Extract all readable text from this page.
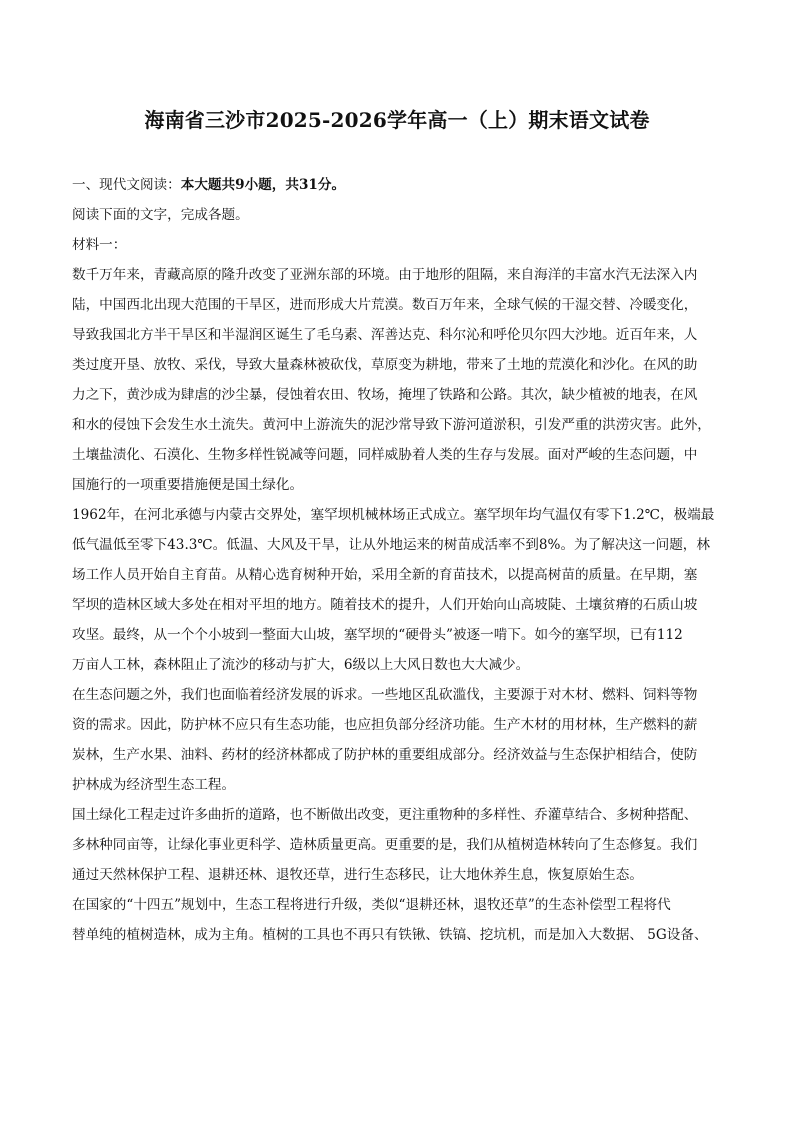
海南省三沙市2025-2026学年高一（上）期末语文试卷
一、现代文阅读：本大题共9小题，共31分。
阅读下面的文字，完成各题。
材料一：
数千万年来，青藏高原的隆升改变了亚洲东部的环境。由于地形的阻隔，来自海洋的丰富水汽无法深入内
陆，中国西北出现大范围的干旱区，进而形成大片荒漠。数百万年来，全球气候的干湿交替、冷暖变化，
导致我国北方半干旱区和半湿润区诞生了毛乌素、浑善达克、科尔沁和呼伦贝尔四大沙地。近百年来，人
类过度开垦、放牧、采伐，导致大量森林被砍伐，草原变为耕地，带来了土地的荒漠化和沙化。在风的助
力之下，黄沙成为肆虐的沙尘暴，侵蚀着农田、牧场，掩埋了铁路和公路。其次，缺少植被的地表，在风
和水的侵蚀下会发生水土流失。黄河中上游流失的泥沙常导致下游河道淤积，引发严重的洪涝灾害。此外，
土壤盐渍化、石漠化、生物多样性锐减等问题，同样威胁着人类的生存与发展。面对严峻的生态问题，中
国施行的一项重要措施便是国土绿化。
1962年，在河北承德与内蒙古交界处，塞罕坝机械林场正式成立。塞罕坝年均气温仅有零下1.2℃，极端最
低气温低至零下43.3℃。低温、大风及干旱，让从外地运来的树苗成活率不到8%。为了解决这一问题，林
场工作人员开始自主育苗。从精心选育树种开始，采用全新的育苗技术，以提高树苗的质量。在早期，塞
罕坝的造林区域大多处在相对平坦的地方。随着技术的提升，人们开始向山高坡陡、土壤贫瘠的石质山坡
攻坚。最终，从一个个小坡到一整面大山坡，塞罕坝的“硬骨头”被逐一啃下。如今的塞罕坝，已有112
万亩人工林，森林阻止了流沙的移动与扩大，6级以上大风日数也大大减少。
在生态问题之外，我们也面临着经济发展的诉求。一些地区乱砍滥伐，主要源于对木材、燃料、饲料等物
资的需求。因此，防护林不应只有生态功能，也应担负部分经济功能。生产木材的用材林，生产燃料的薪
炭林，生产水果、油料、药材的经济林都成了防护林的重要组成部分。经济效益与生态保护相结合，使防
护林成为经济型生态工程。
国土绿化工程走过许多曲折的道路，也不断做出改变，更注重物种的多样性、乔灌草结合、多树种搭配、
多林种同亩等，让绿化事业更科学、造林质量更高。更重要的是，我们从植树造林转向了生态修复。我们
通过天然林保护工程、退耕还林、退牧还草，进行生态移民，让大地休养生息，恢复原始生态。
在国家的“十四五”规划中，生态工程将进行升级，类似“退耕还林，退牧还草”的生态补偿型工程将代
替单纯的植树造林，成为主角。植树的工具也不再只有铁锹、铁镐、挖坑机，而是加入大数据、 5G设备、
